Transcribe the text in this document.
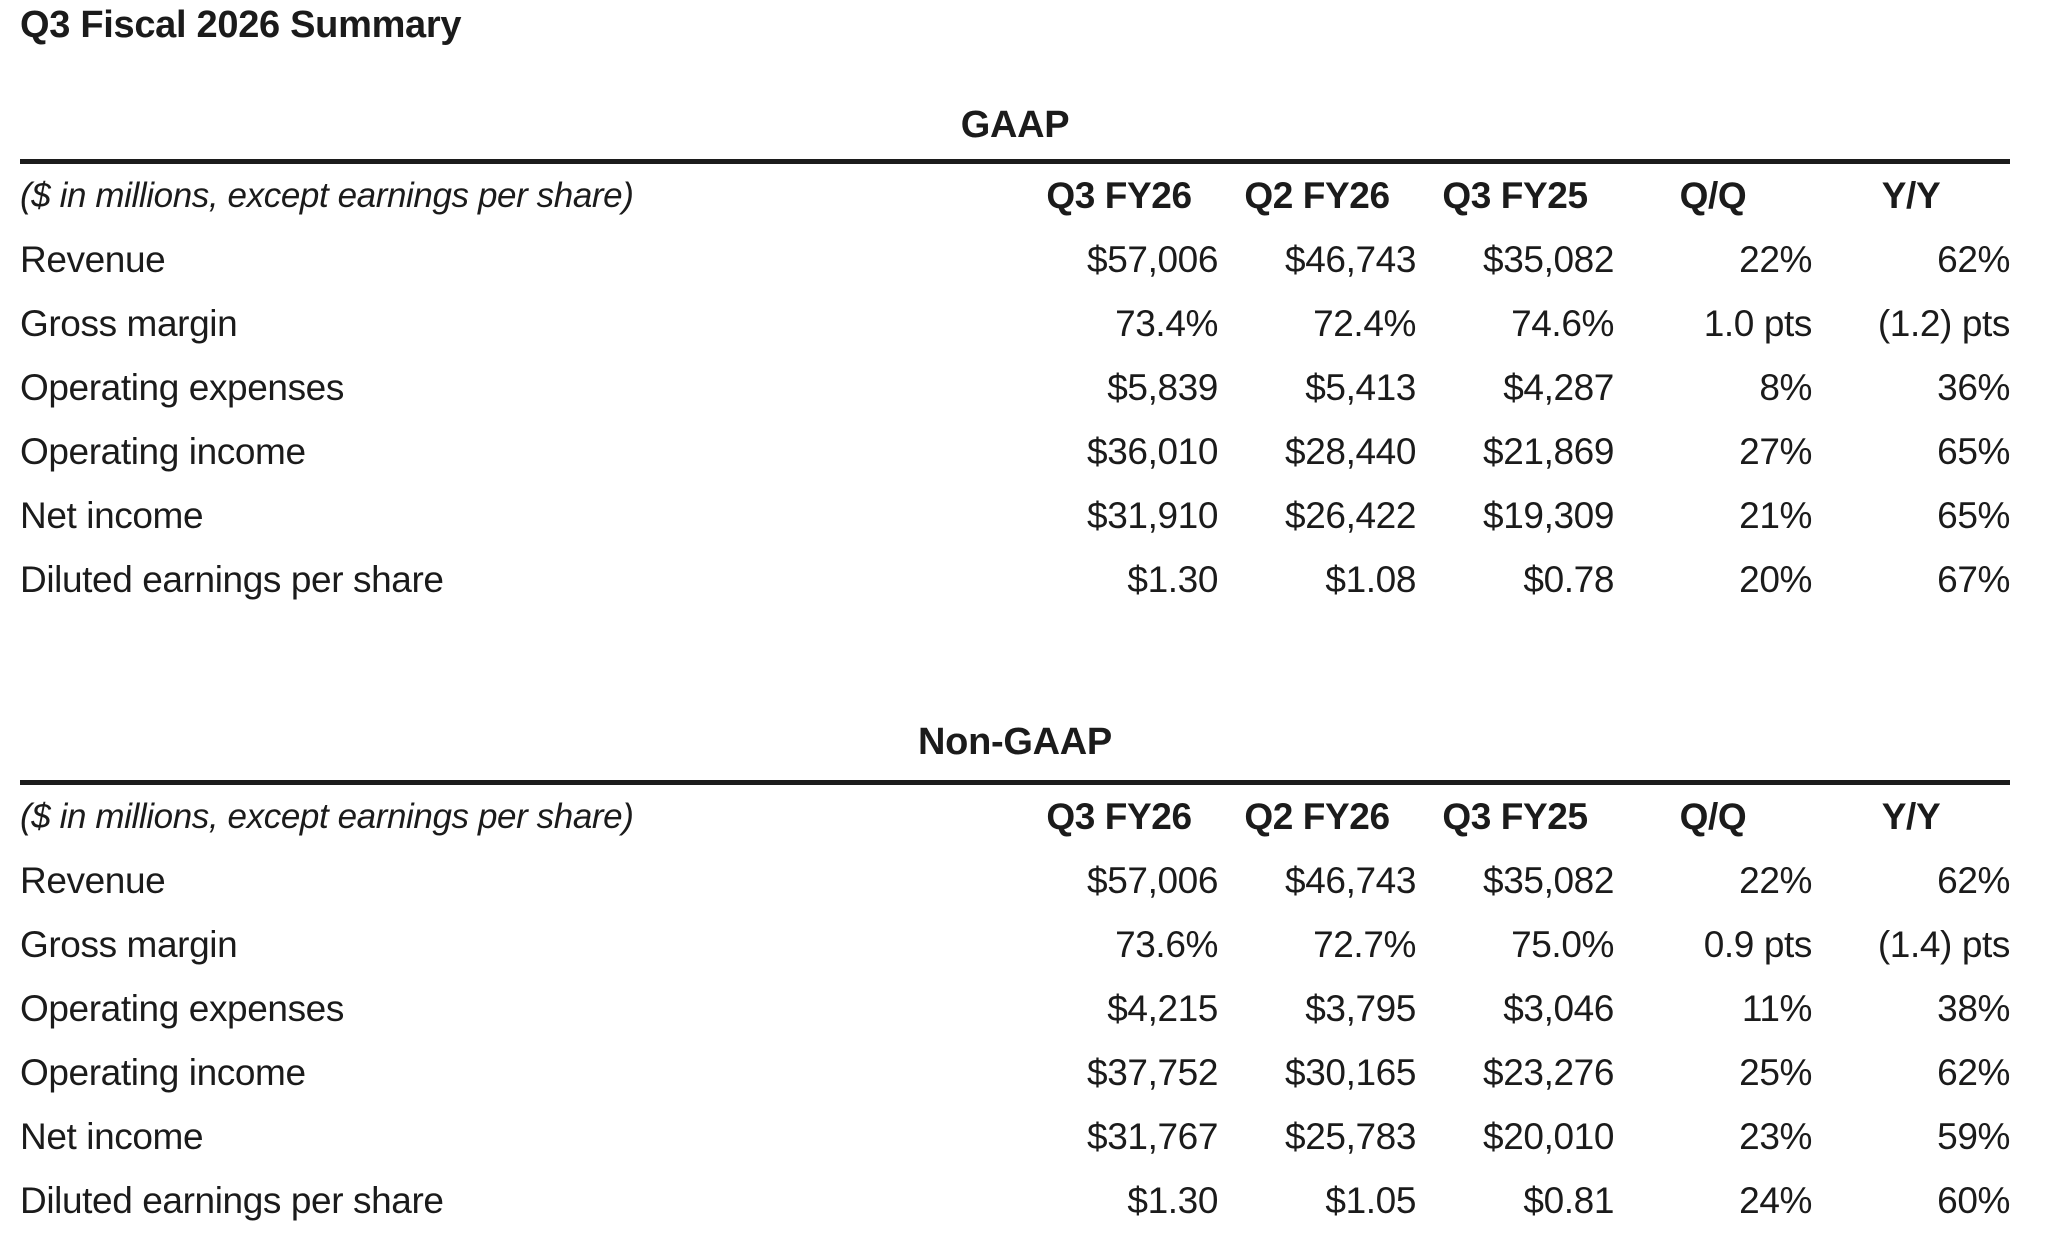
Q3 Fiscal 2026 Summary
GAAP
($ in millions, except earnings per share)	Q3 FY26	Q2 FY26	Q3 FY25	Q/Q	Y/Y
Revenue	$57,006	$46,743	$35,082	22%	62%
Gross margin	73.4%	72.4%	74.6%	1.0 pts	(1.2) pts
Operating expenses	$5,839	$5,413	$4,287	8%	36%
Operating income	$36,010	$28,440	$21,869	27%	65%
Net income	$31,910	$26,422	$19,309	21%	65%
Diluted earnings per share	$1.30	$1.08	$0.78	20%	67%
Non-GAAP
($ in millions, except earnings per share)	Q3 FY26	Q2 FY26	Q3 FY25	Q/Q	Y/Y
Revenue	$57,006	$46,743	$35,082	22%	62%
Gross margin	73.6%	72.7%	75.0%	0.9 pts	(1.4) pts
Operating expenses	$4,215	$3,795	$3,046	11%	38%
Operating income	$37,752	$30,165	$23,276	25%	62%
Net income	$31,767	$25,783	$20,010	23%	59%
Diluted earnings per share	$1.30	$1.05	$0.81	24%	60%
